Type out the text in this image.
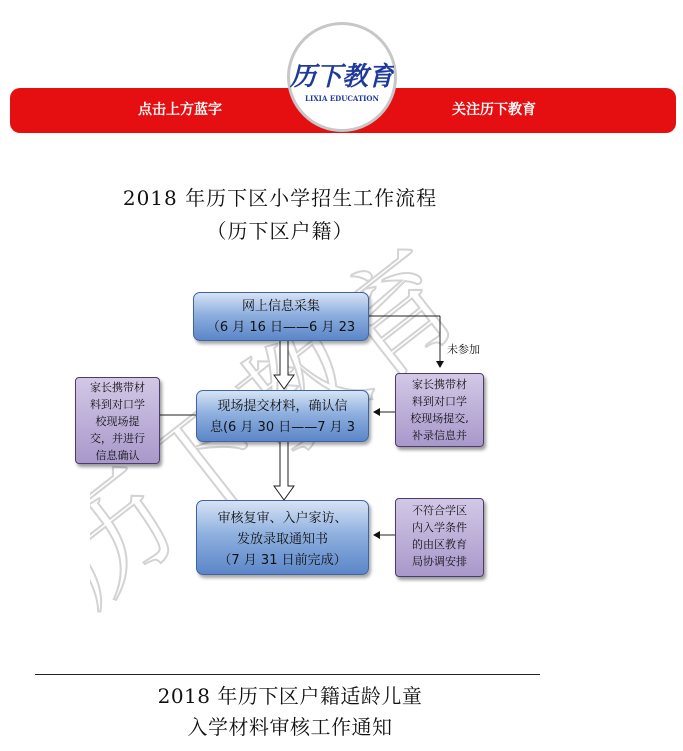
点击上方蓝字	关注历下教育
历下教育
LIXIA EDUCATION
2018 年历下区小学招生工作流程
（历下区户籍）
网上信息采集
（6 月 16 日——6 月 23
现场提交材料，确认信
息(6 月 30 日——7 月 3
审核复审、入户家访、
发放录取通知书
（7 月 31 日前完成）
家长携带材
料到对口学
校现场提
交，并进行
信息确认
家长携带材
料到对口学
校现场提交,
补录信息并
不符合学区
内入学条件
的由区教育
局协调安排
未参加
2018 年历下区户籍适龄儿童
入学材料审核工作通知
